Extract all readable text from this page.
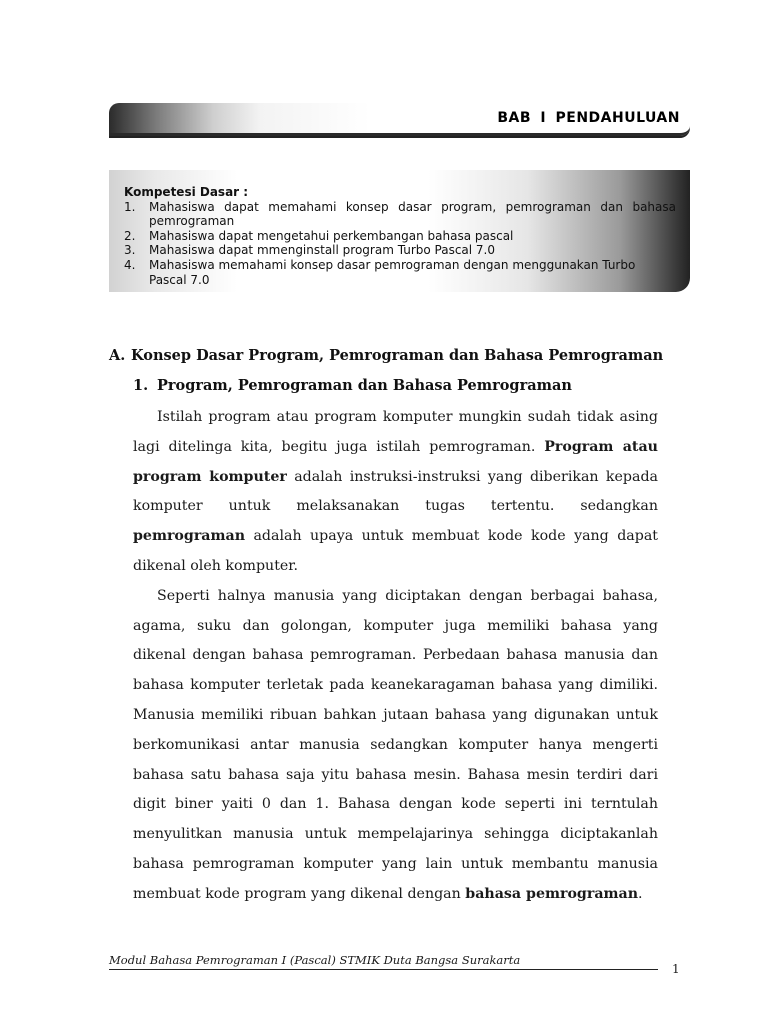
BAB I PENDAHULUAN
Kompetesi Dasar :
1.	Mahasiswa dapat memahami konsep dasar program, pemrograman dan bahasa
pemrograman
2.	Mahasiswa dapat mengetahui perkembangan bahasa pascal
3.	Mahasiswa dapat mmenginstall program Turbo Pascal 7.0
4.	Mahasiswa memahami konsep dasar pemrograman dengan menggunakan Turbo Pascal 7.0
A. Konsep Dasar Program, Pemrograman dan Bahasa Pemrograman
1. Program, Pemrograman dan Bahasa Pemrograman

Istilah program atau program komputer mungkin sudah tidak asing lagi ditelinga kita, begitu juga istilah pemrograman. Program atau program komputer adalah instruksi-instruksi yang diberikan kepada komputer untuk melaksanakan tugas tertentu. sedangkan pemrograman adalah upaya untuk membuat kode kode yang dapat dikenal oleh komputer.

Seperti halnya manusia yang diciptakan dengan berbagai bahasa, agama, suku dan golongan, komputer juga memiliki bahasa yang dikenal dengan bahasa pemrograman. Perbedaan bahasa manusia dan bahasa komputer terletak pada keanekaragaman bahasa yang dimiliki. Manusia memiliki ribuan bahkan jutaan bahasa yang digunakan untuk berkomunikasi antar manusia sedangkan komputer hanya mengerti bahasa satu bahasa saja yitu bahasa mesin. Bahasa mesin terdiri dari digit biner yaiti 0 dan 1. Bahasa dengan kode seperti ini terntulah menyulitkan manusia untuk mempelajarinya sehingga diciptakanlah bahasa pemrograman komputer yang lain untuk membantu manusia membuat kode program yang dikenal dengan bahasa pemrograman.

Modul Bahasa Pemrograman I (Pascal) STMIK Duta Bangsa Surakarta
1
